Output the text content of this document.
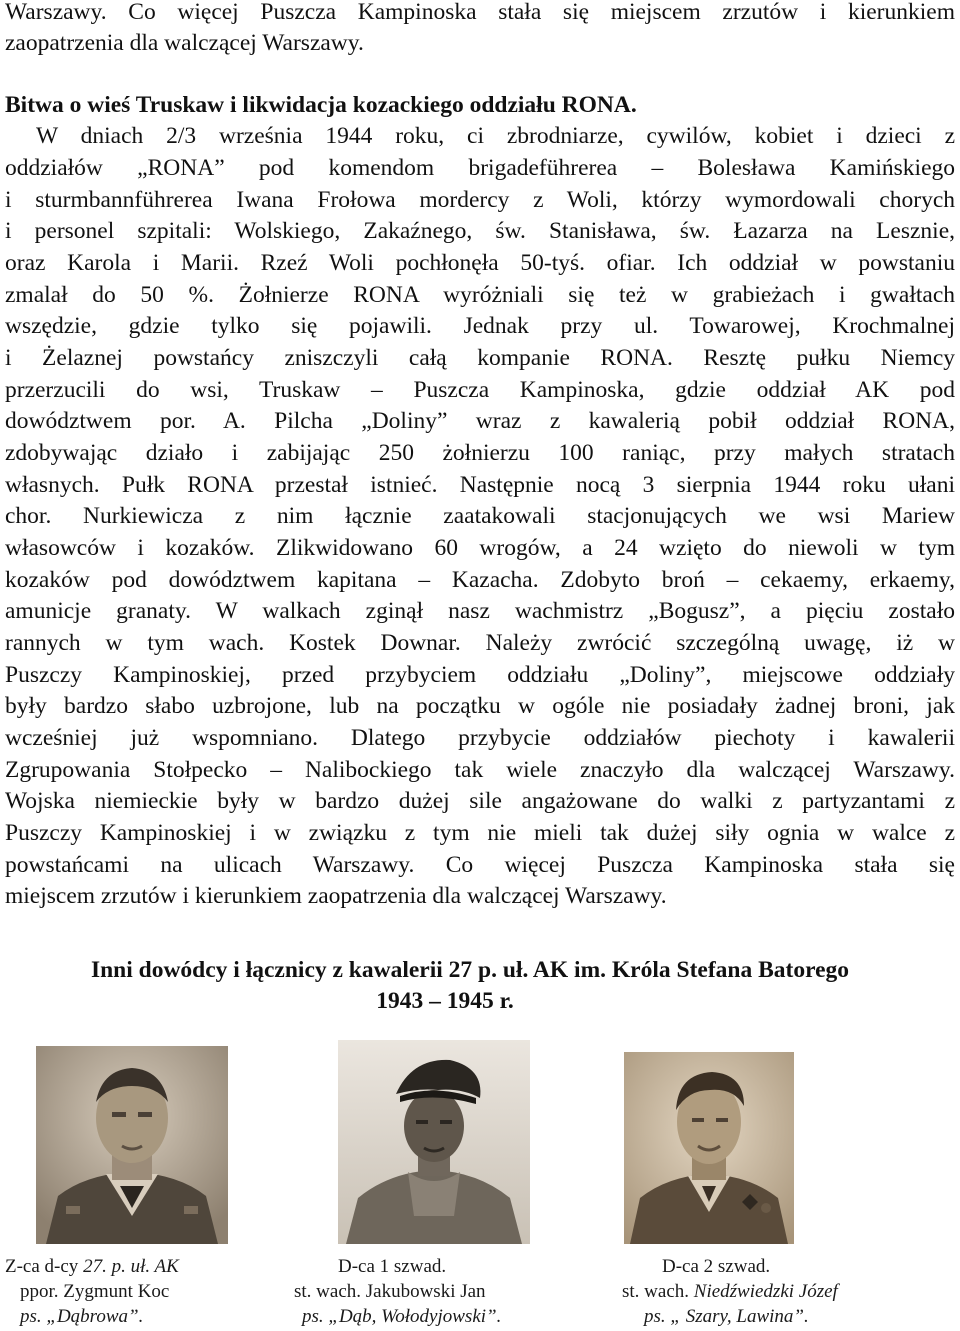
Warszawy. Co więcej Puszcza Kampinoska stała się miejscem zrzutów i kierunkiem
zaopatrzenia dla walczącej Warszawy.
Bitwa o wieś Truskaw i likwidacja kozackiego oddziału RONA.
W dniach 2/3 września 1944 roku, ci zbrodniarze, cywilów, kobiet i dzieci z
oddziałów „RONA” pod komendom brigadeführerea – Bolesława Kamińskiego
i sturmbannführerea Iwana Frołowa mordercy z Woli, którzy wymordowali chorych
i personel szpitali: Wolskiego, Zakaźnego, św. Stanisława, św. Łazarza na Lesznie,
oraz Karola i Marii. Rzeź Woli pochłonęła 50-tyś. ofiar. Ich oddział w powstaniu
zmalał do 50 %. Żołnierze RONA wyróżniali się też w grabieżach i gwałtach
wszędzie, gdzie tylko się pojawili. Jednak przy ul. Towarowej, Krochmalnej
i Żelaznej powstańcy zniszczyli całą kompanie RONA. Resztę pułku Niemcy
przerzucili do wsi, Truskaw – Puszcza Kampinoska, gdzie oddział AK pod
dowództwem por. A. Pilcha „Doliny” wraz z kawalerią pobił oddział RONA,
zdobywając działo i zabijając 250 żołnierzu 100 raniąc, przy małych stratach
własnych. Pułk RONA przestał istnieć. Następnie nocą 3 sierpnia 1944 roku ułani
chor. Nurkiewicza z nim łącznie zaatakowali stacjonujących we wsi Mariew
własowców i kozaków. Zlikwidowano 60 wrogów, a 24 wzięto do niewoli w tym
kozaków pod dowództwem kapitana – Kazacha. Zdobyto broń – cekaemy, erkaemy,
amunicje granaty. W walkach zginął nasz wachmistrz „Bogusz”, a pięciu zostało
rannych w tym wach. Kostek Downar. Należy zwrócić szczególną uwagę, iż w
Puszczy Kampinoskiej, przed przybyciem oddziału „Doliny”, miejscowe oddziały
były bardzo słabo uzbrojone, lub na początku w ogóle nie posiadały żadnej broni, jak
wcześniej już wspomniano. Dlatego przybycie oddziałów piechoty i kawalerii
Zgrupowania Stołpecko – Nalibockiego tak wiele znaczyło dla walczącej Warszawy.
Wojska niemieckie były w bardzo dużej sile angażowane do walki z partyzantami z
Puszczy Kampinoskiej i w związku z tym nie mieli tak dużej siły ognia w walce z
powstańcami na ulicach Warszawy. Co więcej Puszcza Kampinoska stała się
miejscem zrzutów i kierunkiem zaopatrzenia dla walczącej Warszawy.
Inni dowódcy i łącznicy z kawalerii 27 p. uł. AK im. Króla Stefana Batorego
1943 – 1945 r.
Z-ca d-cy 27. p. uł. AK
ppor. Zygmunt Koc
ps. „Dąbrowa”.
D-ca 1 szwad.
st. wach. Jakubowski Jan
ps. „Dąb, Wołodyjowski”.
D-ca 2 szwad.
st. wach. Niedźwiedzki Józef
ps. „ Szary, Lawina”.
